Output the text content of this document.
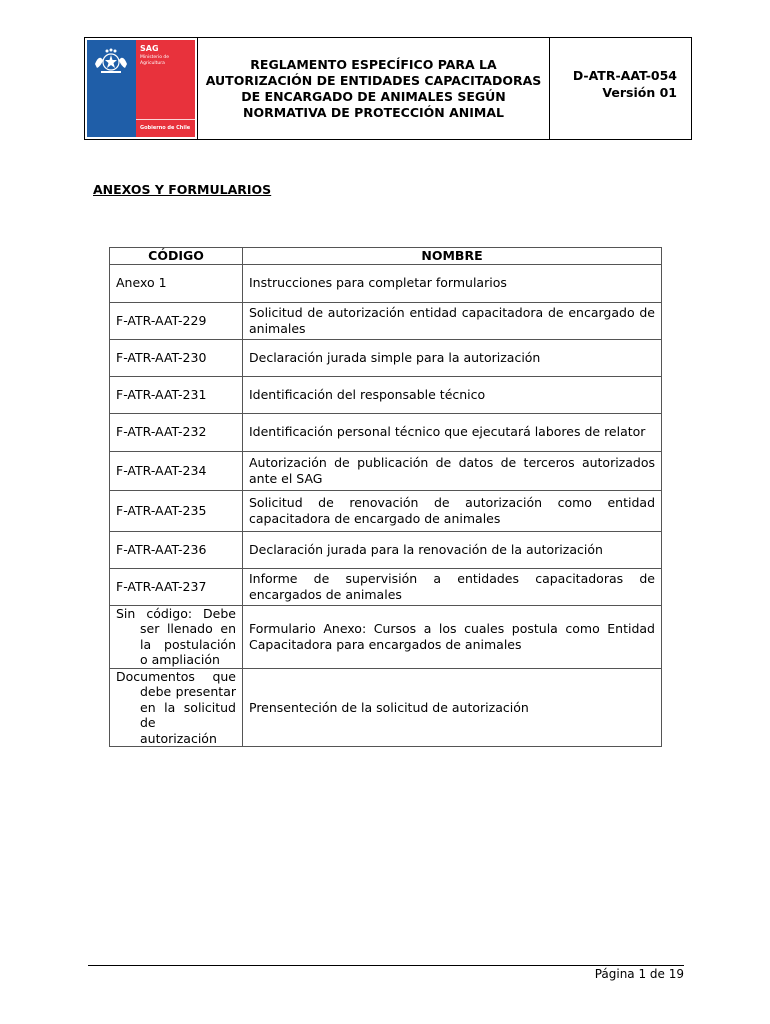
SAG
Ministerio de Agricultura
Gobierno de Chile
REGLAMENTO ESPECÍFICO PARA LA
AUTORIZACIÓN DE ENTIDADES CAPACITADORAS
DE ENCARGADO DE ANIMALES SEGÚN
NORMATIVA DE PROTECCIÓN ANIMAL
D-ATR-AAT-054
Versión 01
ANEXOS Y FORMULARIOS
CÓDIGO	NOMBRE
Anexo 1	Instrucciones para completar formularios
F-ATR-AAT-229	Solicitud de autorización entidad capacitadora de encargado de animales
F-ATR-AAT-230	Declaración jurada simple para la autorización
F-ATR-AAT-231	Identificación del responsable técnico
F-ATR-AAT-232	Identificación personal técnico que ejecutará labores de relator
F-ATR-AAT-234	Autorización de publicación de datos de terceros autorizados ante el SAG
F-ATR-AAT-235	Solicitud de renovación de autorización como entidad capacitadora de encargado de animales
F-ATR-AAT-236	Declaración jurada para la renovación de la autorización
F-ATR-AAT-237	Informe de supervisión a entidades capacitadoras de encargados de animales

Sin código: Debe ser llenado en la postulación o ampliación	Formulario Anexo: Cursos a los cuales postula como Entidad Capacitadora para encargados de animales

Documentos que debe presentar en la solicitud de autorización	Prensenteción de la solicitud de autorización
Página 1 de 19
